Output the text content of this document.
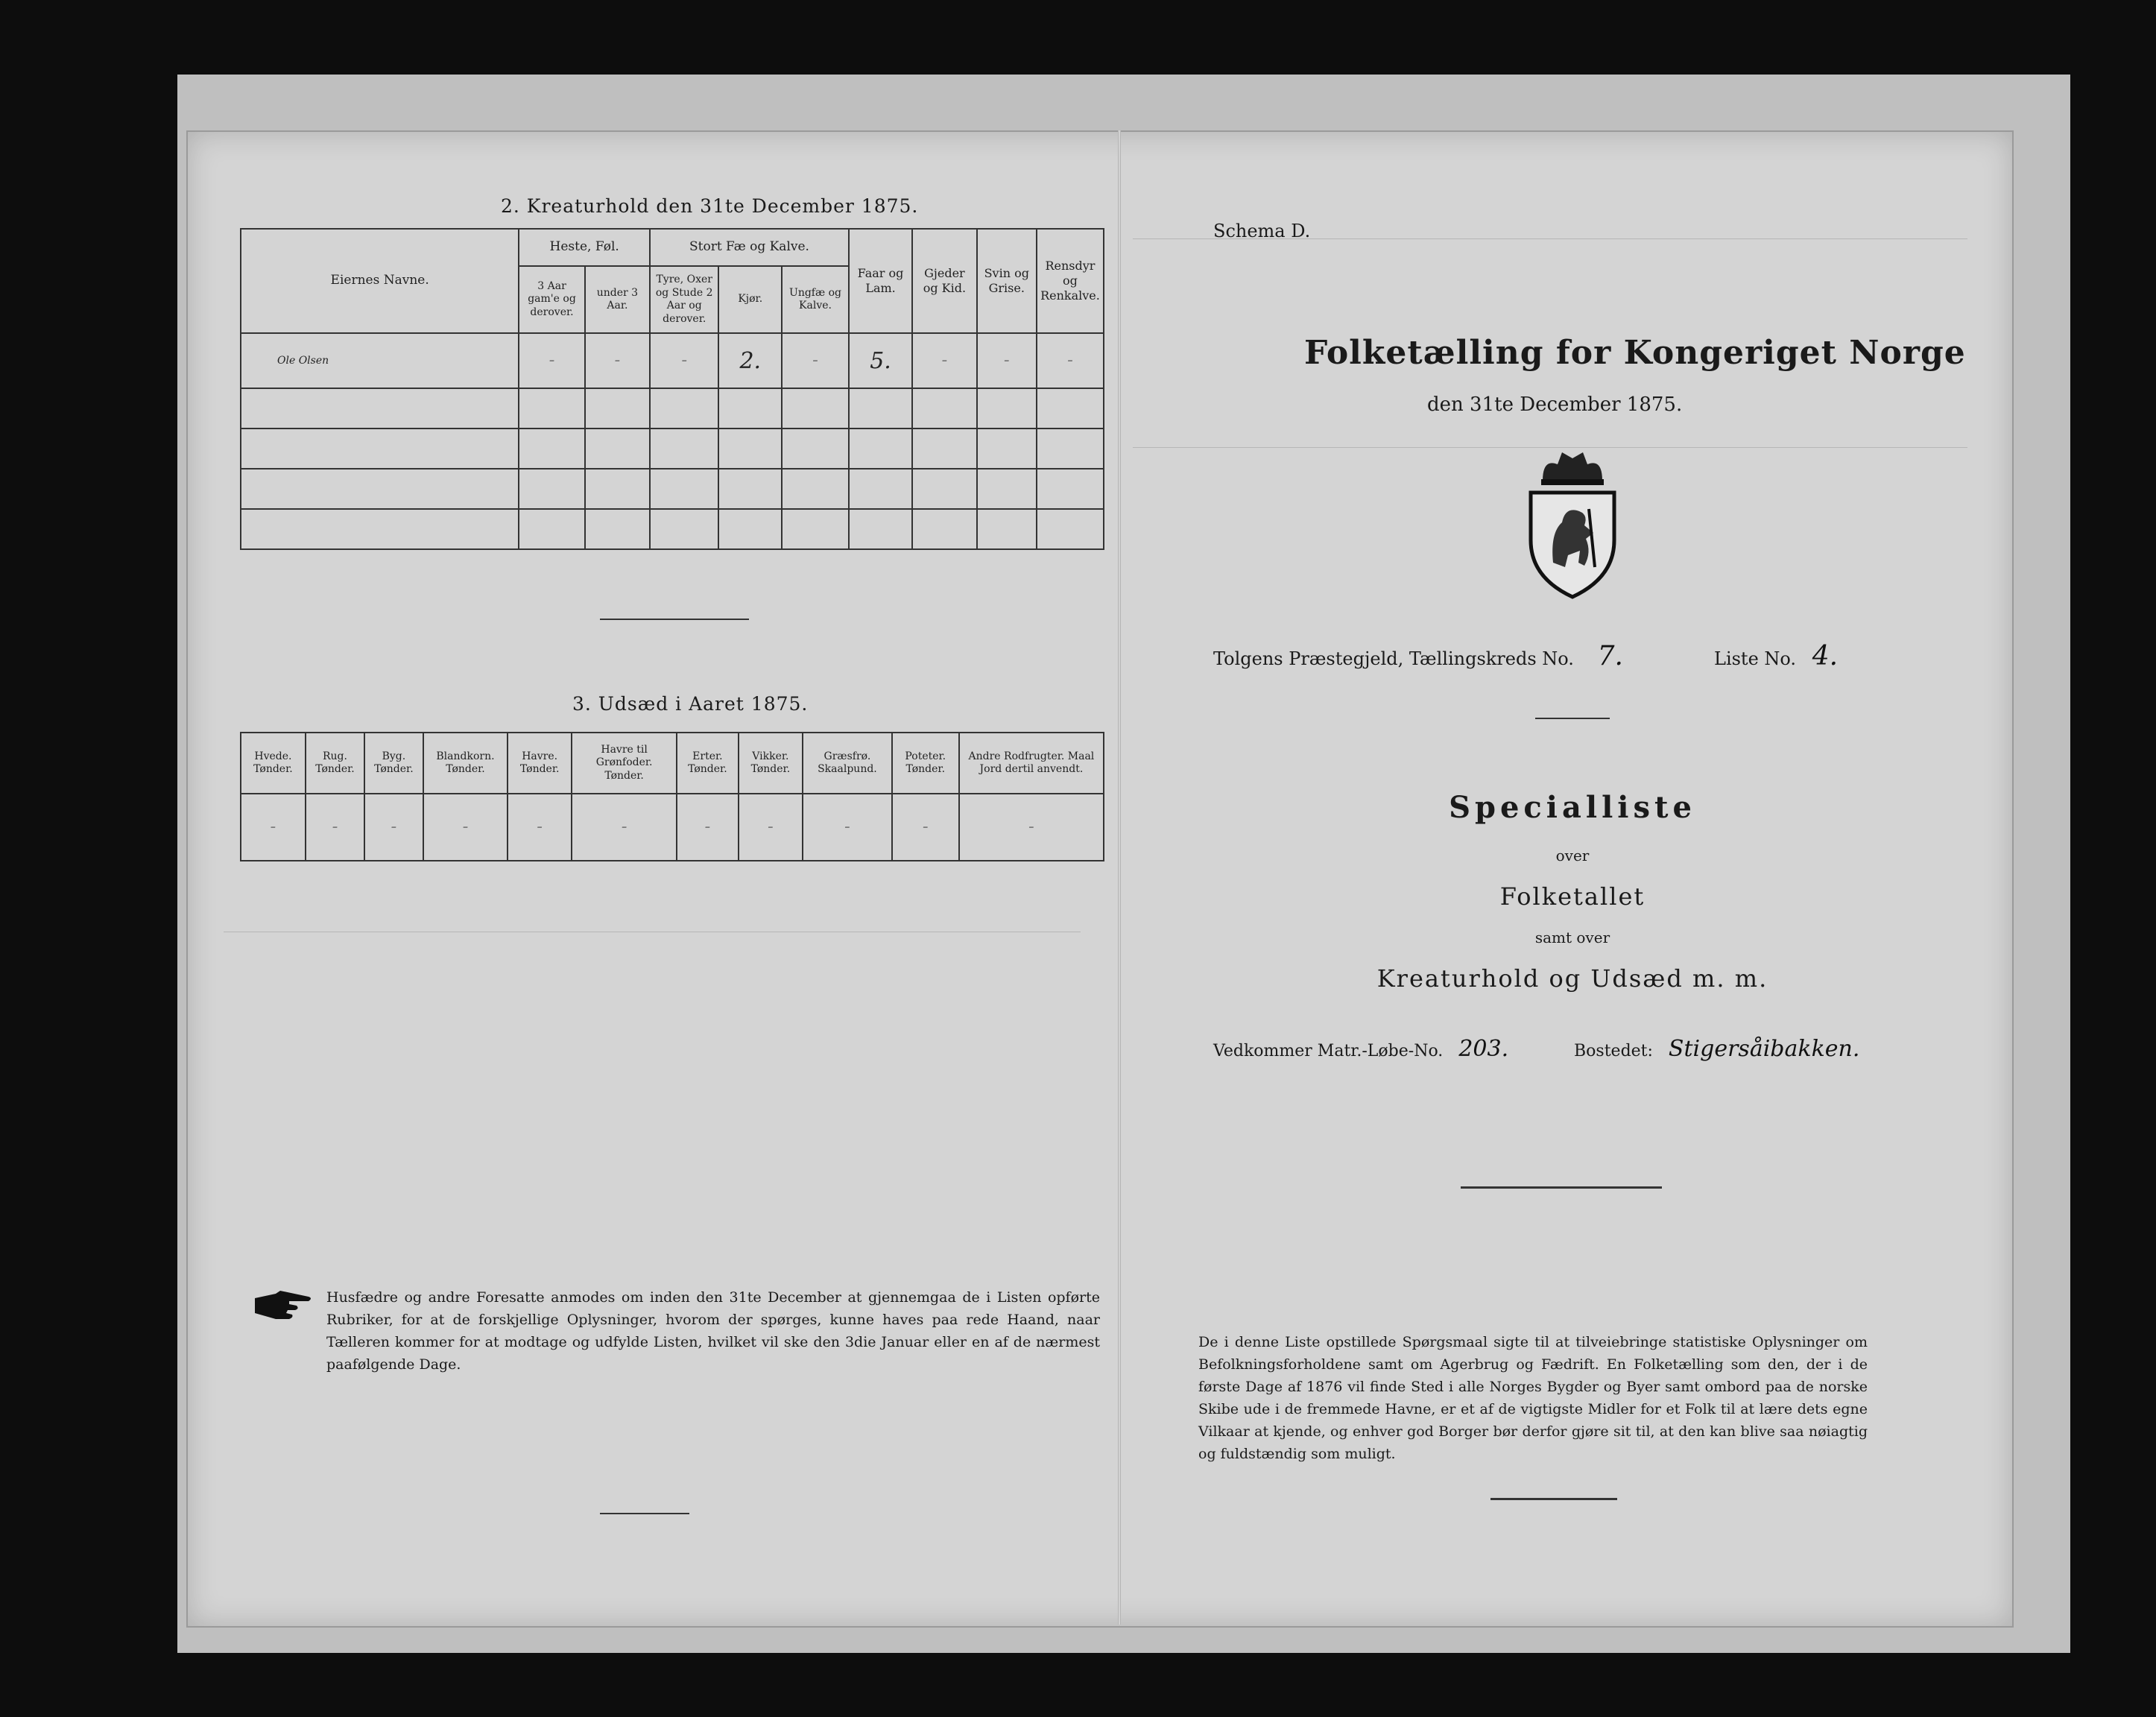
2. Kreaturhold den 31te December 1875.
Eiernes Navne.	Heste, Føl.		Stort Fæ og Kalve.			Faar og Lam.	Gjeder og Kid.	Svin og Grise.	Rensdyr og Renkalve.
	3 Aar gam'e og derover.	under 3 Aar.	Tyre, Oxer og Stude 2 Aar og derover.	Kjør.	Ungfæ og Kalve.				
Ole Olsen	–	–	–	2.	–	5.	–	–	–

3. Udsæd i Aaret 1875.
Hvede. Tønder.	Rug. Tønder.	Byg. Tønder.	Blandkorn. Tønder.	Havre. Tønder.	Havre til Grønfoder. Tønder.	Erter. Tønder.	Vikker. Tønder.	Græsfrø. Skaalpund.	Poteter. Tønder.	Andre Rodfrugter. Maal Jord dertil anvendt.
–	–	–	–	–	–	–	–	–	–	–
Husfædre og andre Foresatte anmodes om inden den 31te December at gjennemgaa de i Listen opførte Rubriker, for at de forskjellige Oplysninger, hvorom der spørges, kunne haves paa rede Haand, naar Tælleren kommer for at modtage og udfylde Listen, hvilket vil ske den 3die Januar eller en af de nærmest paafølgende Dage.
Schema D.
Folketælling for Kongeriget Norge
den 31te December 1875.
Tolgens Præstegjeld, Tællingskreds No. 7.	Liste No. 4.
Specialliste
over
Folketallet
samt over
Kreaturhold og Udsæd m. m.
Vedkommer Matr.-Løbe-No. 203.	Bostedet: Stigersåibakken.
De i denne Liste opstillede Spørgsmaal sigte til at tilveiebringe statistiske Oplysninger om Befolkningsforholdene samt om Agerbrug og Fædrift. En Folketælling som den, der i de første Dage af 1876 vil finde Sted i alle Norges Bygder og Byer samt ombord paa de norske Skibe ude i de fremmede Havne, er et af de vigtigste Midler for et Folk til at lære dets egne Vilkaar at kjende, og enhver god Borger bør derfor gjøre sit til, at den kan blive saa nøiagtig og fuldstændig som muligt.
